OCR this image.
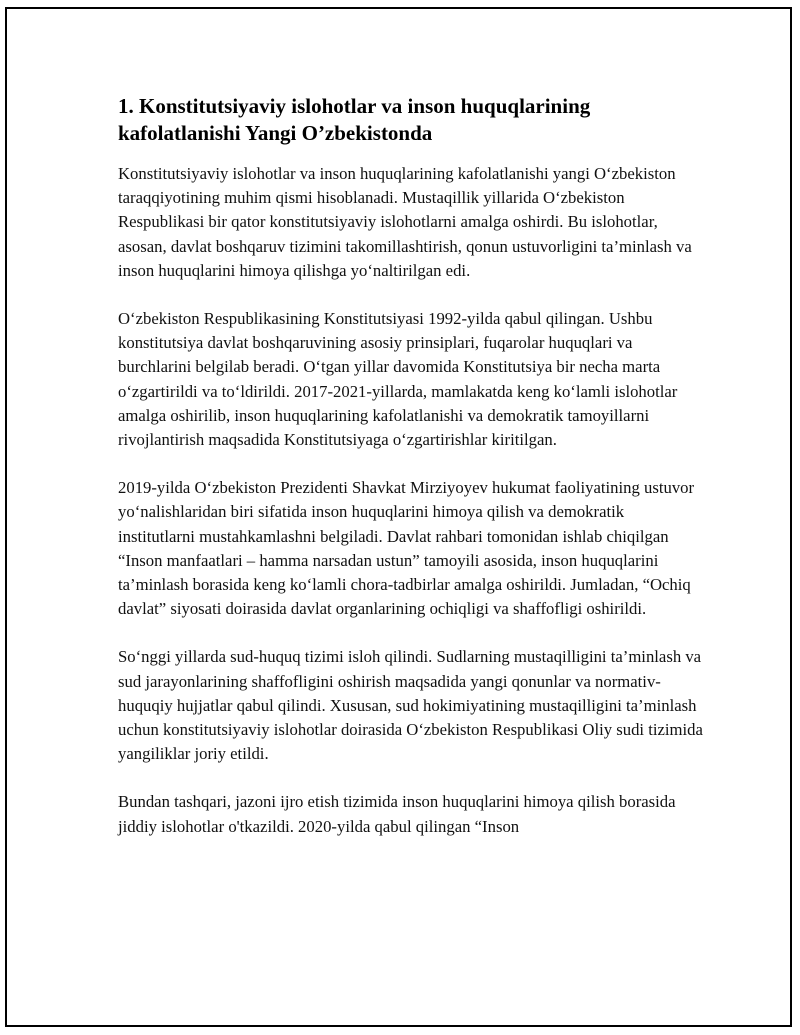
1. Konstitutsiyaviy islohotlar va inson huquqlarining kafolatlanishi Yangi O’zbekistonda

Konstitutsiyaviy islohotlar va inson huquqlarining kafolatlanishi yangi O‘zbekiston taraqqiyotining muhim qismi hisoblanadi. Mustaqillik yillarida O‘zbekiston Respublikasi bir qator konstitutsiyaviy islohotlarni amalga oshirdi. Bu islohotlar, asosan, davlat boshqaruv tizimini takomillashtirish, qonun ustuvorligini ta’minlash va inson huquqlarini himoya qilishga yo‘naltirilgan edi.

O‘zbekiston Respublikasining Konstitutsiyasi 1992-yilda qabul qilingan. Ushbu konstitutsiya davlat boshqaruvining asosiy prinsiplari, fuqarolar huquqlari va burchlarini belgilab beradi. O‘tgan yillar davomida Konstitutsiya bir necha marta o‘zgartirildi va to‘ldirildi. 2017-2021-yillarda, mamlakatda keng ko‘lamli islohotlar amalga oshirilib, inson huquqlarining kafolatlanishi va demokratik tamoyillarni rivojlantirish maqsadida Konstitutsiyaga o‘zgartirishlar kiritilgan.

2019-yilda O‘zbekiston Prezidenti Shavkat Mirziyoyev hukumat faoliyatining ustuvor yo‘nalishlaridan biri sifatida inson huquqlarini himoya qilish va demokratik institutlarni mustahkamlashni belgiladi. Davlat rahbari tomonidan ishlab chiqilgan “Inson manfaatlari – hamma narsadan ustun” tamoyili asosida, inson huquqlarini ta’minlash borasida keng ko‘lamli chora-tadbirlar amalga oshirildi. Jumladan, “Ochiq davlat” siyosati doirasida davlat organlarining ochiqligi va shaffofligi oshirildi.

So‘nggi yillarda sud-huquq tizimi isloh qilindi. Sudlarning mustaqilligini ta’minlash va sud jarayonlarining shaffofligini oshirish maqsadida yangi qonunlar va normativ-huquqiy hujjatlar qabul qilindi. Xususan, sud hokimiyatining mustaqilligini ta’minlash uchun konstitutsiyaviy islohotlar doirasida O‘zbekiston Respublikasi Oliy sudi tizimida yangiliklar joriy etildi.

Bundan tashqari, jazoni ijro etish tizimida inson huquqlarini himoya qilish borasida jiddiy islohotlar o'tkazildi. 2020-yilda qabul qilingan “Inson
